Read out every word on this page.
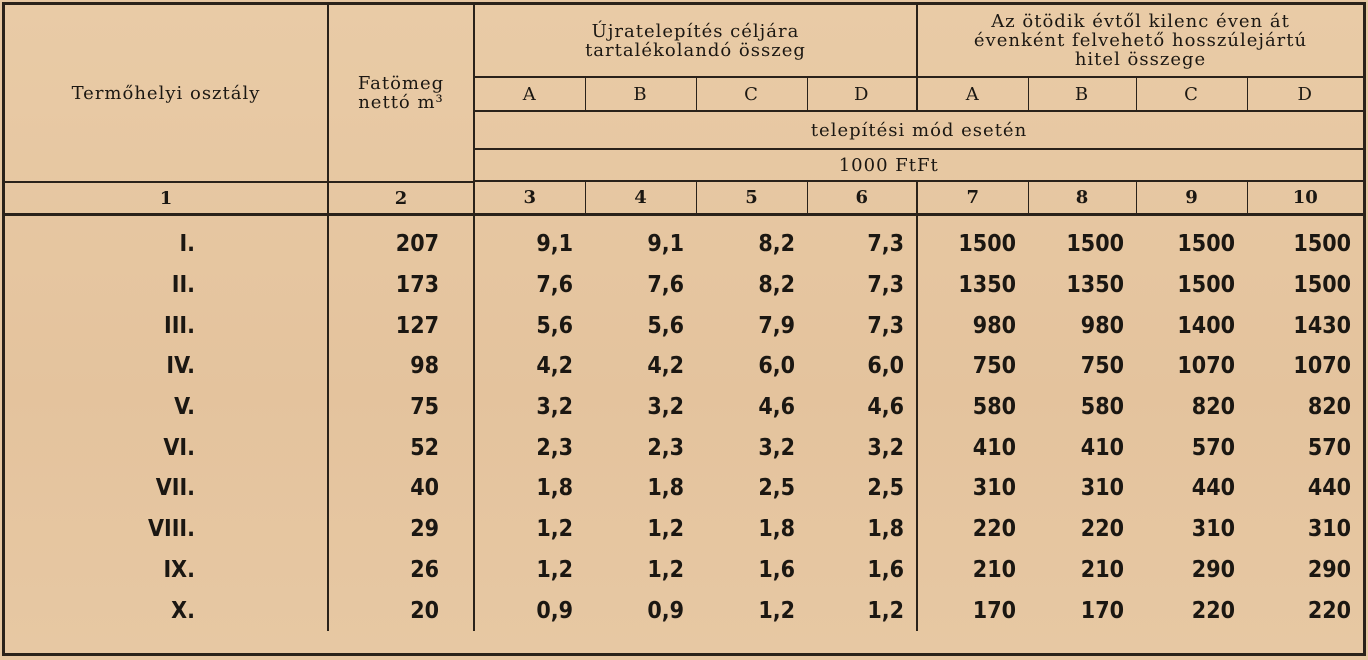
Termőhelyi osztály	Fatömeg nettó m³	Újratelepítés céljára tartalékolandó összeg				Az ötödik évtől kilenc éven át évenként felvehető hosszúlejártú hitel összege			
		A	B	C	D	A	B	C	D
		telepítési mód esetén							
		1000 Ft				Ft			

1	2	3	4	5	6	7	8	9	10
I.	207	9,1	9,1	8,2	7,3	1500	1500	1500	1500
II.	173	7,6	7,6	8,2	7,3	1350	1350	1500	1500
III.	127	5,6	5,6	7,9	7,3	980	980	1400	1430
IV.	98	4,2	4,2	6,0	6,0	750	750	1070	1070
V.	75	3,2	3,2	4,6	4,6	580	580	820	820
VI.	52	2,3	2,3	3,2	3,2	410	410	570	570
VII.	40	1,8	1,8	2,5	2,5	310	310	440	440
VIII.	29	1,2	1,2	1,8	1,8	220	220	310	310
IX.	26	1,2	1,2	1,6	1,6	210	210	290	290
X.	20	0,9	0,9	1,2	1,2	170	170	220	220
